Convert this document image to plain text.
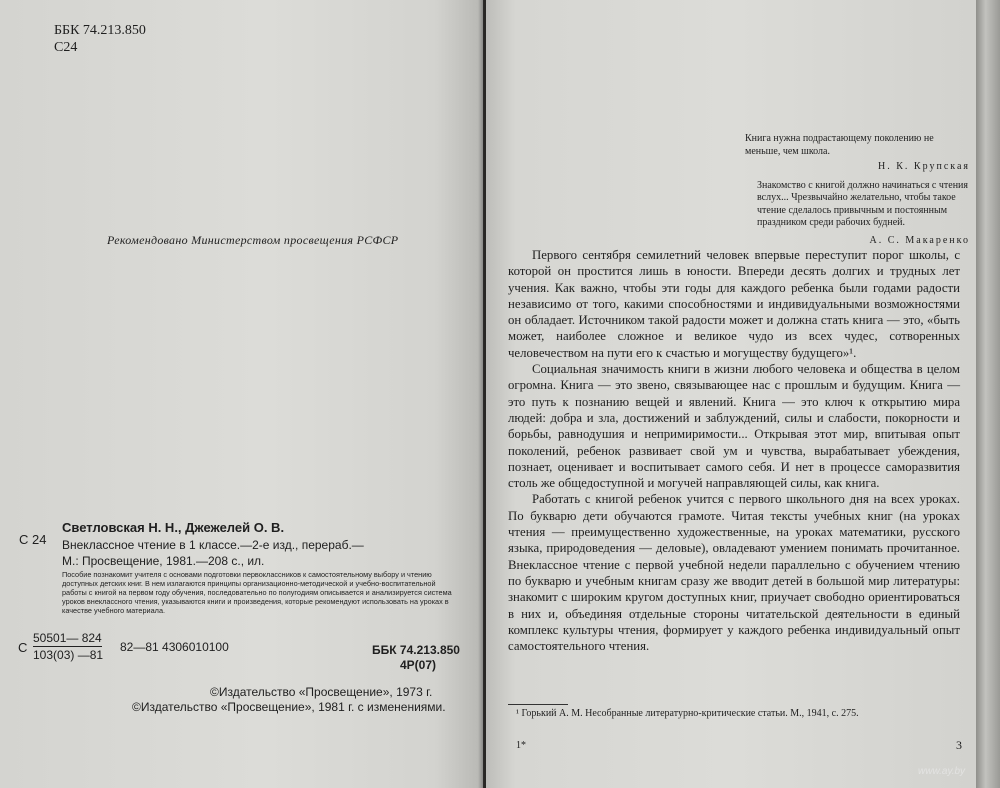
ББК 74.213.850
С24
Рекомендовано Министерством просвещения РСФСР
Светловская Н. Н., Джежелей О. В.
С 24 Внеклассное чтение в 1 классе.—2-е изд., перераб.—
М.: Просвещение, 1981.—208 с., ил.
Пособие познакомит учителя с основами подготовки первоклассников к самостоятельному выбору и чтению доступных детских книг. В нем излагаются принципы организационно-методической и учебно-воспитательной работы с книгой на первом году обучения, последовательно по полугодиям описывается и анализируется система уроков внеклассного чтения, указываются книги и произведения, которые рекомендуют использовать на уроках в качестве учебного материала.
С
50501— 824
103(03) —81
82—81 4306010100	ББК 74.213.850
4Р(07)
©Издательство «Просвещение», 1973 г.
©Издательство «Просвещение», 1981 г. с изменениями.
Книга нужна подрастающему поколению не меньше, чем школа.
Н. К. Крупская
Знакомство с книгой должно начинаться с чтения вслух... Чрезвычайно желательно, чтобы такое чтение сделалось привычным и постоянным праздником среди рабочих будней.
А. С. Макаренко

Первого сентября семилетний человек впервые переступит порог школы, с которой он простится лишь в юности. Впереди десять долгих и трудных лет учения. Как важно, чтобы эти годы для каждого ребенка были годами радости независимо от того, какими способностями и индивидуальными возможностями он обладает. Источником такой радости может и должна стать книга — это, «быть может, наиболее сложное и великое чудо из всех чудес, сотворенных человечеством на пути его к счастью и могуществу будущего»¹.

Социальная значимость книги в жизни любого человека и общества в целом огромна. Книга — это звено, связывающее нас с прошлым и будущим. Книга — это путь к познанию вещей и явлений. Книга — это ключ к открытию мира людей: добра и зла, достижений и заблуждений, силы и слабости, покорности и борьбы, равнодушия и непримиримости... Открывая этот мир, впитывая опыт поколений, ребенок развивает свой ум и чувства, вырабатывает убеждения, познает, оценивает и воспитывает самого себя. И нет в процессе саморазвития столь же общедоступной и могучей направляющей силы, как книга.

Работать с книгой ребенок учится с первого школьного дня на всех уроках. По букварю дети обучаются грамоте. Читая тексты учебных книг (на уроках чтения — преимущественно художественные, на уроках математики, русского языка, природоведения — деловые), овладевают умением понимать прочитанное. Внеклассное чтение с первой учебной недели параллельно с обучением чтению по букварю и учебным книгам сразу же вводит детей в большой мир литературы: знакомит с широким кругом доступных книг, приучает свободно ориентироваться в них и, объединяя отдельные стороны читательской деятельности в единый комплекс культуры чтения, формирует у каждого ребенка индивидуальный опыт самостоятельного чтения.

¹ Горький А. М. Несобранные литературно-критические статьи. М., 1941, с. 275.
1*	3
www.ay.by
